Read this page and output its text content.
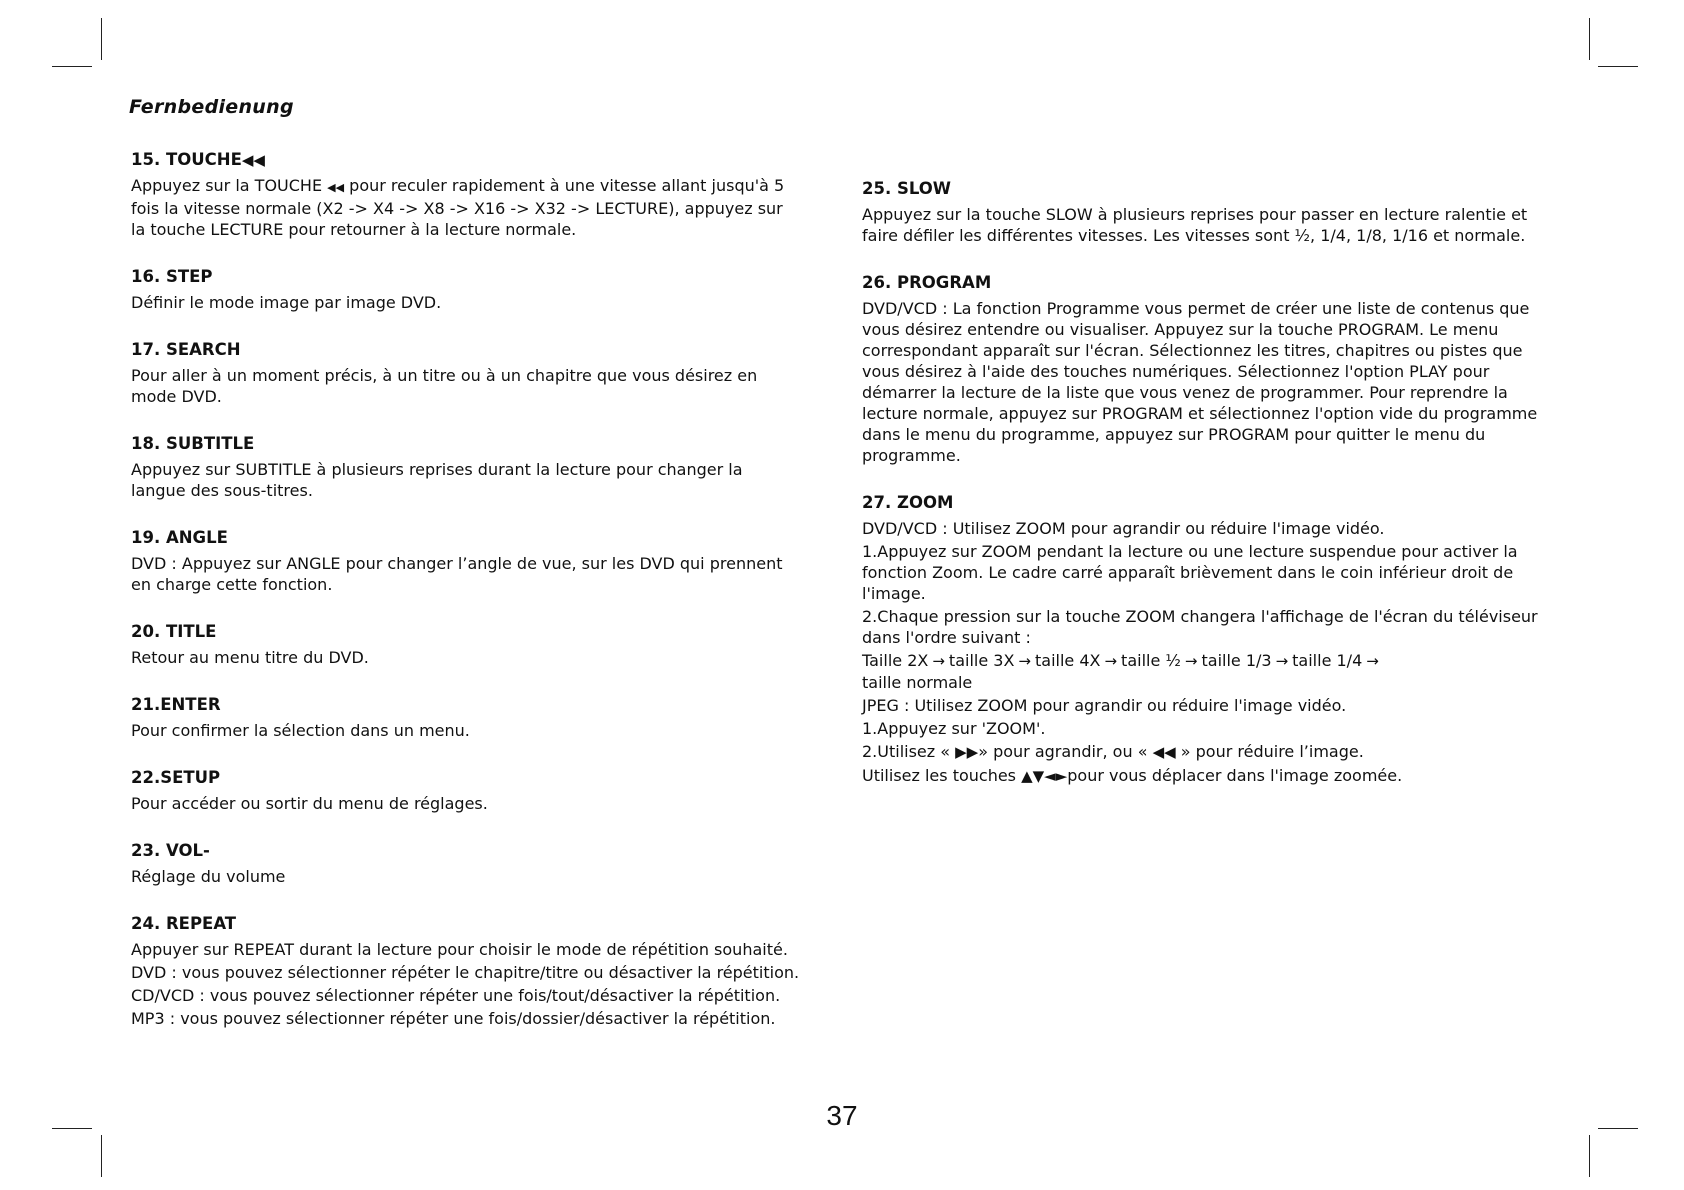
Fernbedienung
15. TOUCHE◀◀
Appuyez sur la TOUCHE ◀◀ pour reculer rapidement à une vitesse allant jusqu'à 5 fois la vitesse normale (X2 -> X4 -> X8 -> X16 -> X32 -> LECTURE), appuyez sur la touche LECTURE pour retourner à la lecture normale.
16. STEP
Définir le mode image par image DVD.
17. SEARCH
Pour aller à un moment précis, à un titre ou à un chapitre que vous désirez en mode DVD.
18. SUBTITLE
Appuyez sur SUBTITLE à plusieurs reprises durant la lecture pour changer la langue des sous-titres.
19. ANGLE
DVD : Appuyez sur ANGLE pour changer l’angle de vue, sur les DVD qui prennent en charge cette fonction.
20. TITLE
Retour au menu titre du DVD.
21.ENTER
Pour confirmer la sélection dans un menu.
22.SETUP
Pour accéder ou sortir du menu de réglages.
23. VOL-
Réglage du volume
24. REPEAT
Appuyer sur REPEAT durant la lecture pour choisir le mode de répétition souhaité.
DVD : vous pouvez sélectionner répéter le chapitre/titre ou désactiver la répétition.
CD/VCD : vous pouvez sélectionner répéter une fois/tout/désactiver la répétition.
MP3 : vous pouvez sélectionner répéter une fois/dossier/désactiver la répétition.
25. SLOW
Appuyez sur la touche SLOW à plusieurs reprises pour passer en lecture ralentie et faire défiler les différentes vitesses. Les vitesses sont ½, 1/4, 1/8, 1/16 et normale.
26. PROGRAM
DVD/VCD : La fonction Programme vous permet de créer une liste de contenus que vous désirez entendre ou visualiser. Appuyez sur la touche PROGRAM. Le menu correspondant apparaît sur l'écran. Sélectionnez les titres, chapitres ou pistes que vous désirez à l'aide des touches numériques. Sélectionnez l'option PLAY pour démarrer la lecture de la liste que vous venez de programmer. Pour reprendre la lecture normale, appuyez sur PROGRAM et sélectionnez l'option vide du programme dans le menu du programme, appuyez sur PROGRAM pour quitter le menu du programme.
27. ZOOM
DVD/VCD : Utilisez ZOOM pour agrandir ou réduire l'image vidéo.
1.Appuyez sur ZOOM pendant la lecture ou une lecture suspendue pour activer la fonction Zoom. Le cadre carré apparaît brièvement dans le coin inférieur droit de l'image.
2.Chaque pression sur la touche ZOOM changera l'affichage de l'écran du téléviseur dans l'ordre suivant :
Taille 2X → taille 3X → taille 4X → taille ½ → taille 1/3 → taille 1/4 →
taille normale
JPEG : Utilisez ZOOM pour agrandir ou réduire l'image vidéo.
1.Appuyez sur 'ZOOM'.
2.Utilisez « ▶▶» pour agrandir, ou « ◀◀ » pour réduire l’image.
Utilisez les touches ▲▼◄►pour vous déplacer dans l'image zoomée.
37
